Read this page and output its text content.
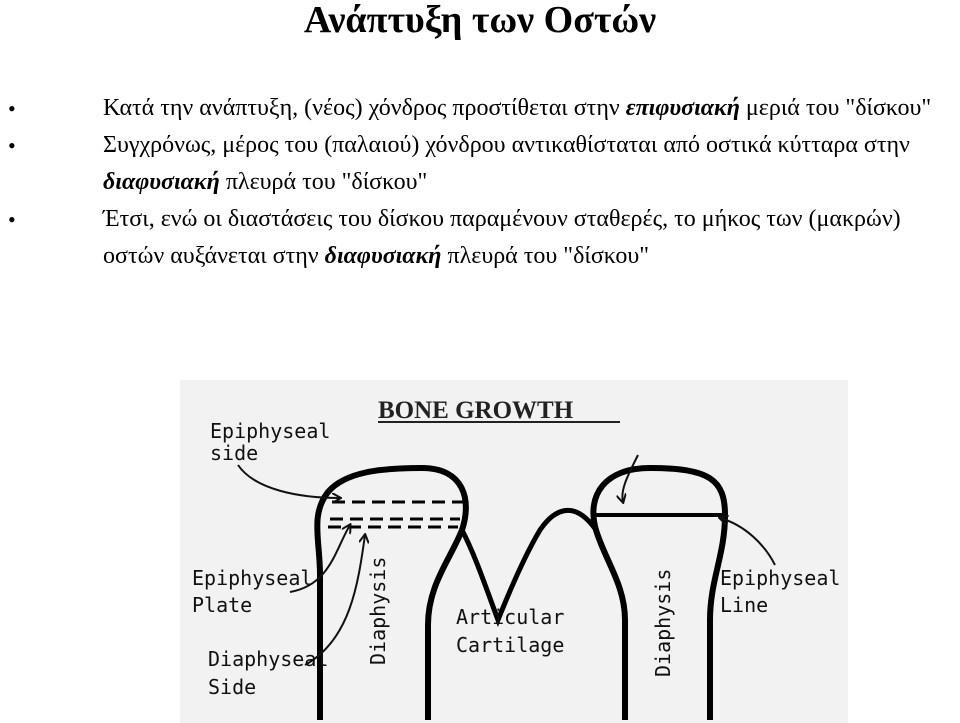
Ανάπτυξη των Οστών
•	Κατά την ανάπτυξη, (νέος) χόνδρος προστίθεται στην επιφυσιακή μεριά του "δίσκου"
•	Συγχρόνως, μέρος του (παλαιού) χόνδρου αντικαθίσταται από οστικά κύτταρα στην διαφυσιακή πλευρά του "δίσκου"
•	Έτσι, ενώ οι διαστάσεις του δίσκου παραμένουν σταθερές, το μήκος των (μακρών) οστών αυξάνεται στην διαφυσιακή πλευρά του "δίσκου"
BONE GROWTH
Epiphyseal
side
Epiphyseal
Plate
Diaphyseal
Side
Diaphysis	Articular
Cartilage	Diaphysis Epiphyseal
Line
